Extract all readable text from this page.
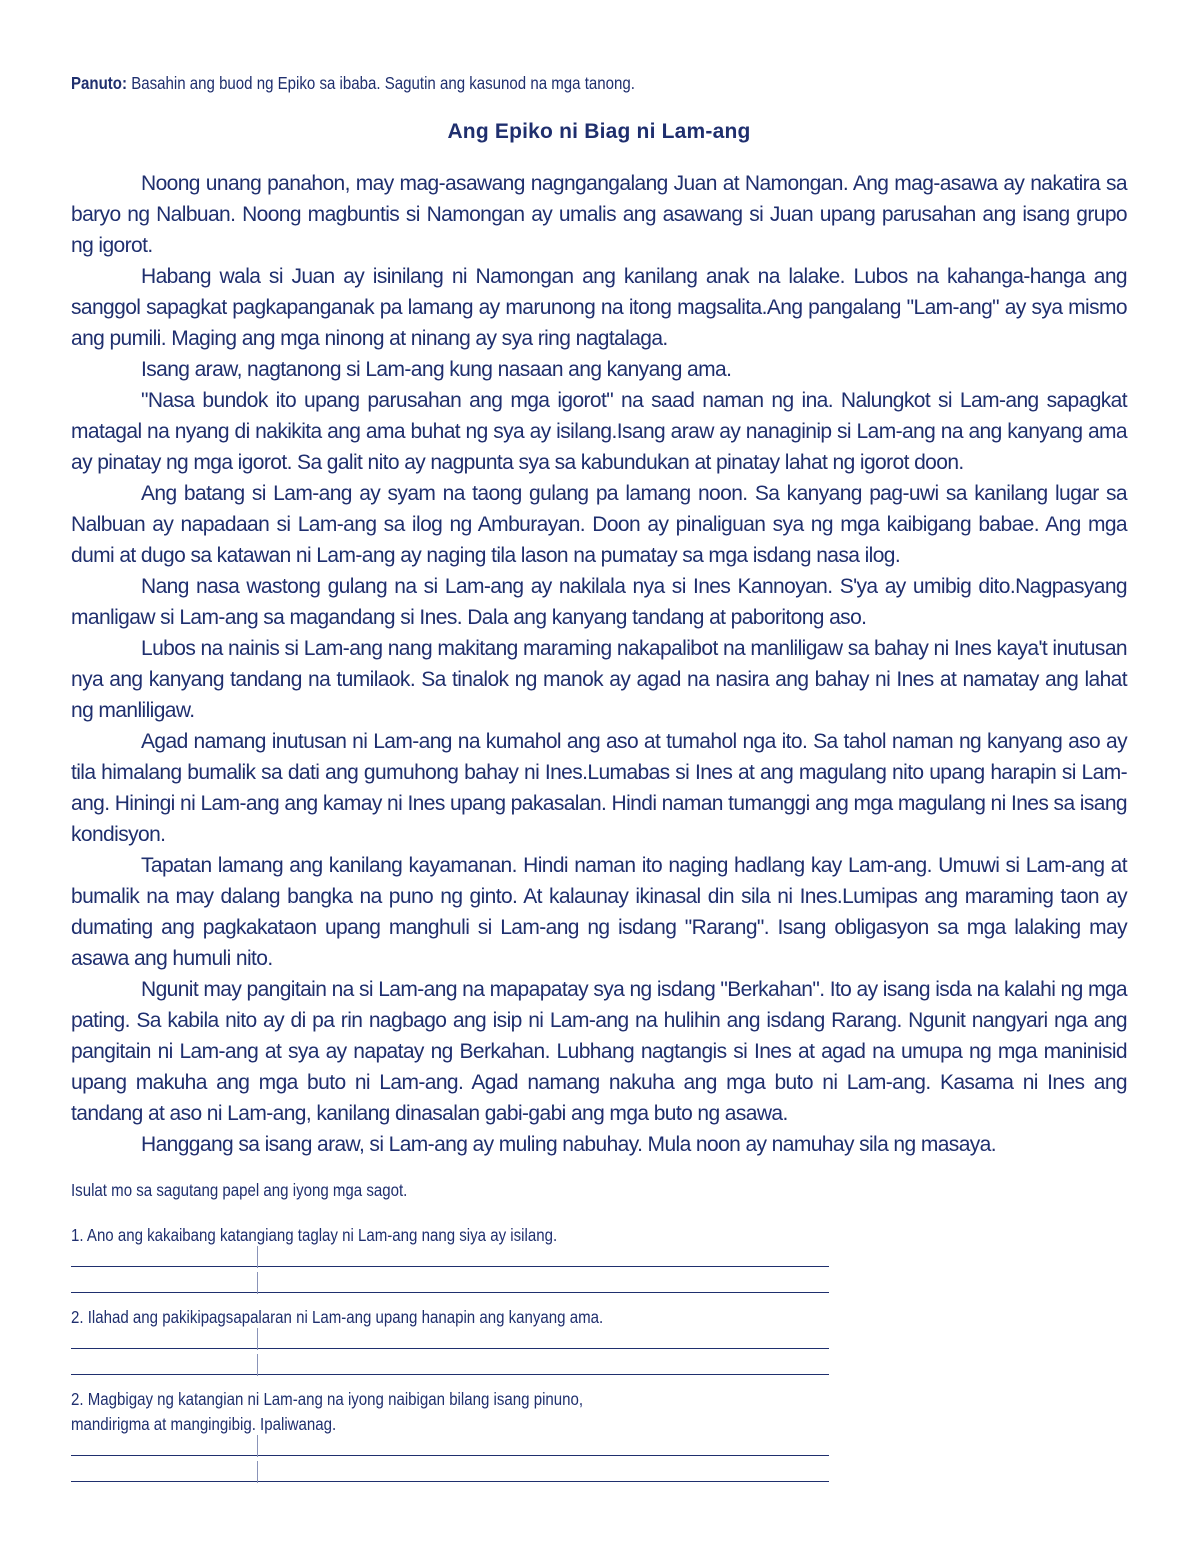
Panuto: Basahin ang buod ng Epiko sa ibaba. Sagutin ang kasunod na mga tanong.

Ang Epiko ni Biag ni Lam-ang

Noong unang panahon, may mag-asawang nagngangalang Juan at Namongan. Ang mag-asawa ay nakatira sa baryo ng Nalbuan. Noong magbuntis si Namongan ay umalis ang asawang si Juan upang parusahan ang isang grupo ng igorot.

Habang wala si Juan ay isinilang ni Namongan ang kanilang anak na lalake. Lubos na kahanga-hanga ang sanggol sapagkat pagkapanganak pa lamang ay marunong na itong magsalita.Ang pangalang "Lam-ang" ay sya mismo ang pumili. Maging ang mga ninong at ninang ay sya ring nagtalaga.

Isang araw, nagtanong si Lam-ang kung nasaan ang kanyang ama.

"Nasa bundok ito upang parusahan ang mga igorot" na saad naman ng ina. Nalungkot si Lam-ang sapagkat matagal na nyang di nakikita ang ama buhat ng sya ay isilang.Isang araw ay nanaginip si Lam-ang na ang kanyang ama ay pinatay ng mga igorot. Sa galit nito ay nagpunta sya sa kabundukan at pinatay lahat ng igorot doon.

Ang batang si Lam-ang ay syam na taong gulang pa lamang noon. Sa kanyang pag-uwi sa kanilang lugar sa Nalbuan ay napadaan si Lam-ang sa ilog ng Amburayan. Doon ay pinaliguan sya ng mga kaibigang babae. Ang mga dumi at dugo sa katawan ni Lam-ang ay naging tila lason na pumatay sa mga isdang nasa ilog.

Nang nasa wastong gulang na si Lam-ang ay nakilala nya si Ines Kannoyan. S'ya ay umibig dito.Nagpasyang manligaw si Lam-ang sa magandang si Ines. Dala ang kanyang tandang at paboritong aso.

Lubos na nainis si Lam-ang nang makitang maraming nakapalibot na manliligaw sa bahay ni Ines kaya't inutusan nya ang kanyang tandang na tumilaok. Sa tinalok ng manok ay agad na nasira ang bahay ni Ines at namatay ang lahat ng manliligaw.

Agad namang inutusan ni Lam-ang na kumahol ang aso at tumahol nga ito. Sa tahol naman ng kanyang aso ay tila himalang bumalik sa dati ang gumuhong bahay ni Ines.Lumabas si Ines at ang magulang nito upang harapin si Lam-ang. Hiningi ni Lam-ang ang kamay ni Ines upang pakasalan. Hindi naman tumanggi ang mga magulang ni Ines sa isang kondisyon.

Tapatan lamang ang kanilang kayamanan. Hindi naman ito naging hadlang kay Lam-ang. Umuwi si Lam-ang at bumalik na may dalang bangka na puno ng ginto. At kalaunay ikinasal din sila ni Ines.Lumipas ang maraming taon ay dumating ang pagkakataon upang manghuli si Lam-ang ng isdang "Rarang". Isang obligasyon sa mga lalaking may asawa ang humuli nito.

Ngunit may pangitain na si Lam-ang na mapapatay sya ng isdang "Berkahan". Ito ay isang isda na kalahi ng mga pating. Sa kabila nito ay di pa rin nagbago ang isip ni Lam-ang na hulihin ang isdang Rarang. Ngunit nangyari nga ang pangitain ni Lam-ang at sya ay napatay ng Berkahan. Lubhang nagtangis si Ines at agad na umupa ng mga maninisid upang makuha ang mga buto ni Lam-ang. Agad namang nakuha ang mga buto ni Lam-ang. Kasama ni Ines ang tandang at aso ni Lam-ang, kanilang dinasalan gabi-gabi ang mga buto ng asawa.

Hanggang sa isang araw, si Lam-ang ay muling nabuhay. Mula noon ay namuhay sila ng masaya.

Isulat mo sa sagutang papel ang iyong mga sagot.

1. Ano ang kakaibang katangiang taglay ni Lam-ang nang siya ay isilang.

2. Ilahad ang pakikipagsapalaran ni Lam-ang upang hanapin ang kanyang ama.

2. Magbigay ng katangian ni Lam-ang na iyong naibigan bilang isang pinuno,

mandirigma at mangingibig. Ipaliwanag.
